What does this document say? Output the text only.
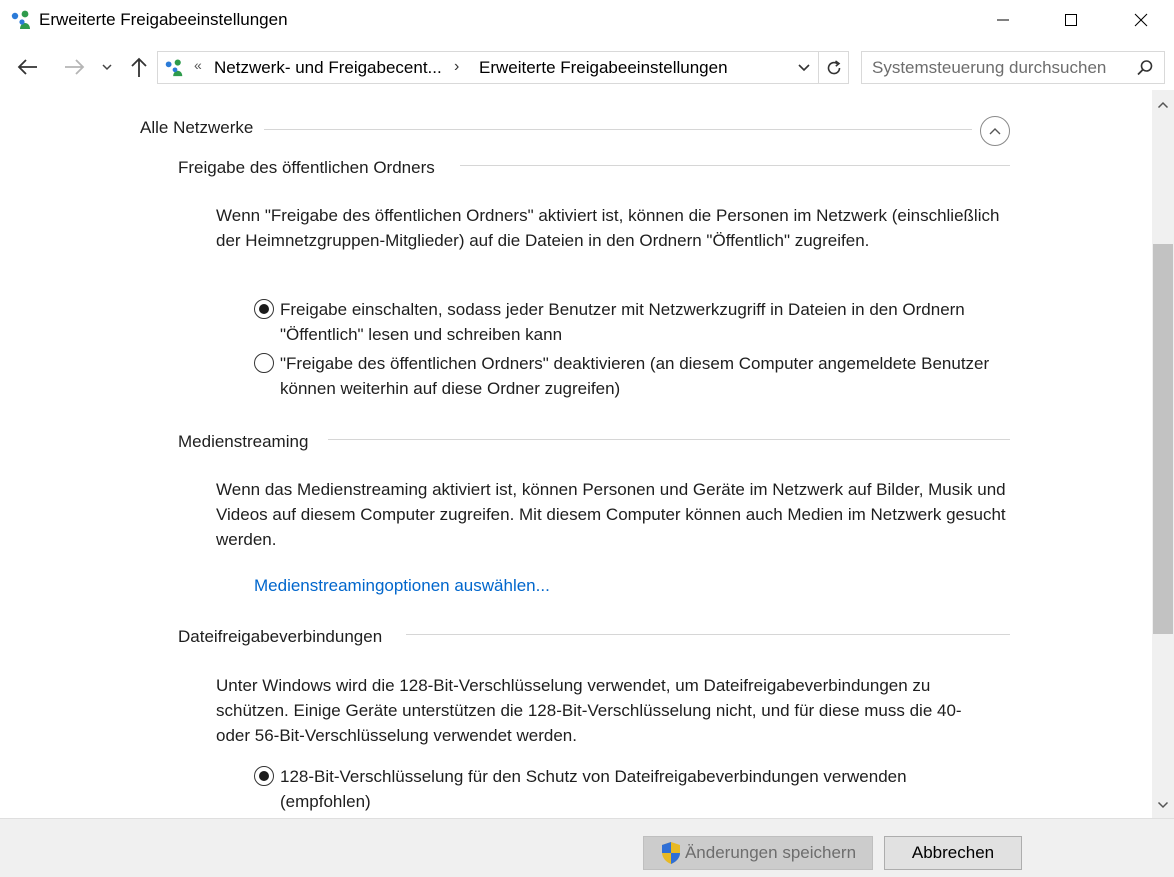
Erweiterte Freigabeeinstellungen
« Netzwerk- und Freigabecent... › Erweiterte Freigabeeinstellungen	Systemsteuerung durchsuchen
Alle Netzwerke
Freigabe des öffentlichen Ordners
Wenn "Freigabe des öffentlichen Ordners" aktiviert ist, können die Personen im Netzwerk (einschließlich der Heimnetzgruppen-Mitglieder) auf die Dateien in den Ordnern "Öffentlich" zugreifen.
Freigabe einschalten, sodass jeder Benutzer mit Netzwerkzugriff in Dateien in den Ordnern "Öffentlich" lesen und schreiben kann
"Freigabe des öffentlichen Ordners" deaktivieren (an diesem Computer angemeldete Benutzer können weiterhin auf diese Ordner zugreifen)
Medienstreaming
Wenn das Medienstreaming aktiviert ist, können Personen und Geräte im Netzwerk auf Bilder, Musik und Videos auf diesem Computer zugreifen. Mit diesem Computer können auch Medien im Netzwerk gesucht werden.
Medienstreamingoptionen auswählen...
Dateifreigabeverbindungen
Unter Windows wird die 128-Bit-Verschlüsselung verwendet, um Dateifreigabeverbindungen zu schützen. Einige Geräte unterstützen die 128-Bit-Verschlüsselung nicht, und für diese muss die 40- oder 56-Bit-Verschlüsselung verwendet werden.
128-Bit-Verschlüsselung für den Schutz von Dateifreigabeverbindungen verwenden (empfohlen)
Änderungen speichern	Abbrechen
